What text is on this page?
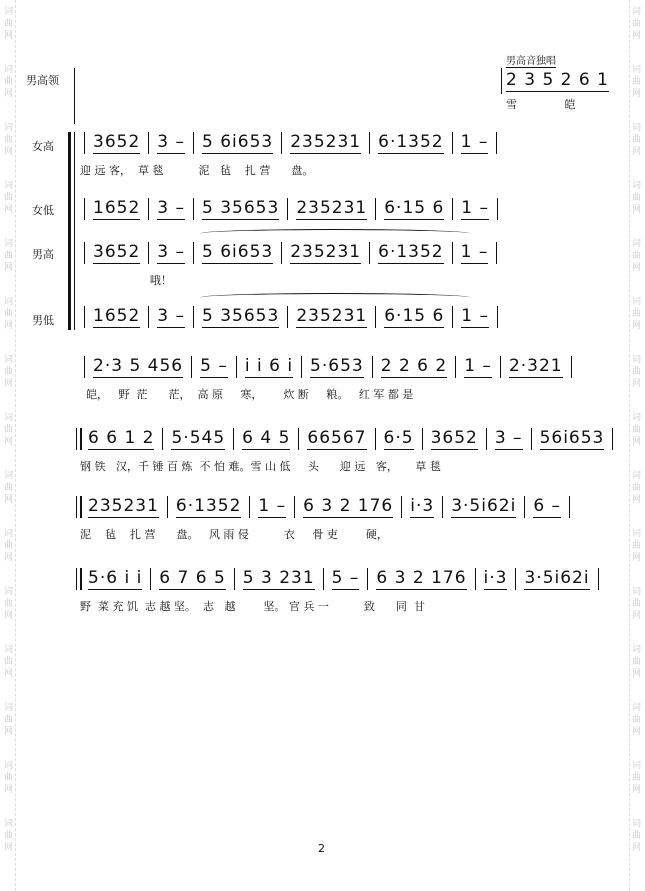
词
曲
网
词
曲
网
词
曲
网
词
曲
网
词
曲
网
词
曲
网
词
曲
网
词
曲
网
词
曲
网
词
曲
网
词
曲
网
词
曲
网
词
曲
网
词
曲
网
词
曲
网
词
曲
网
词
曲
网
词
曲
网
词
曲
网
词
曲
网
词
曲
网
词
曲
网
词
曲
网
词
曲
网
词
曲
网
词
曲
网
词
曲
网
词
曲
网
词
曲
网
词
曲
网
男高音独唱
2 3 5 2 6 1
雪 皑
男高领
女高 3652 3 – 5 6i653 235231 6·1352 1 –
迎 远 客，  草 毯          泥   毡    扎 营      盘。
女低 1652 3 – 5 35653 235231 6·15 6 1 –
男高 3652 3 – 5 6i653 235231 6·1352 1 –
哦！
男低 1652 3 – 5 35653 235231 6·15 6 1 –
2·3 5 456 5 – i i 6 i 5·653 2 2 6 2 1 – 2·321
皑，   野  茫      茫，  高 原     寒，      炊 断     粮。   红 军 都 是
6 6 1 2 5·545 6 4 5 66567 6·5 3652 3 – 56i653
钢 铁   汉，千 锤 百 炼  不 怕 难。雪 山 低     头      迎 远   客，     草 毯
235231 6·1352 1 – 6 3 2 176 i·3 3·5i62i 6 –
泥    毡    扎 营      盘。   风 雨 侵          衣     骨 吏        硬，
5·6 i i 6 7 6 5 5 3 231 5 – 6 3 2 176 i·3 3·5i62i
野  菜 充 饥  志 越 坚。  志   越        坚。 官 兵 一          致      同  甘
2
